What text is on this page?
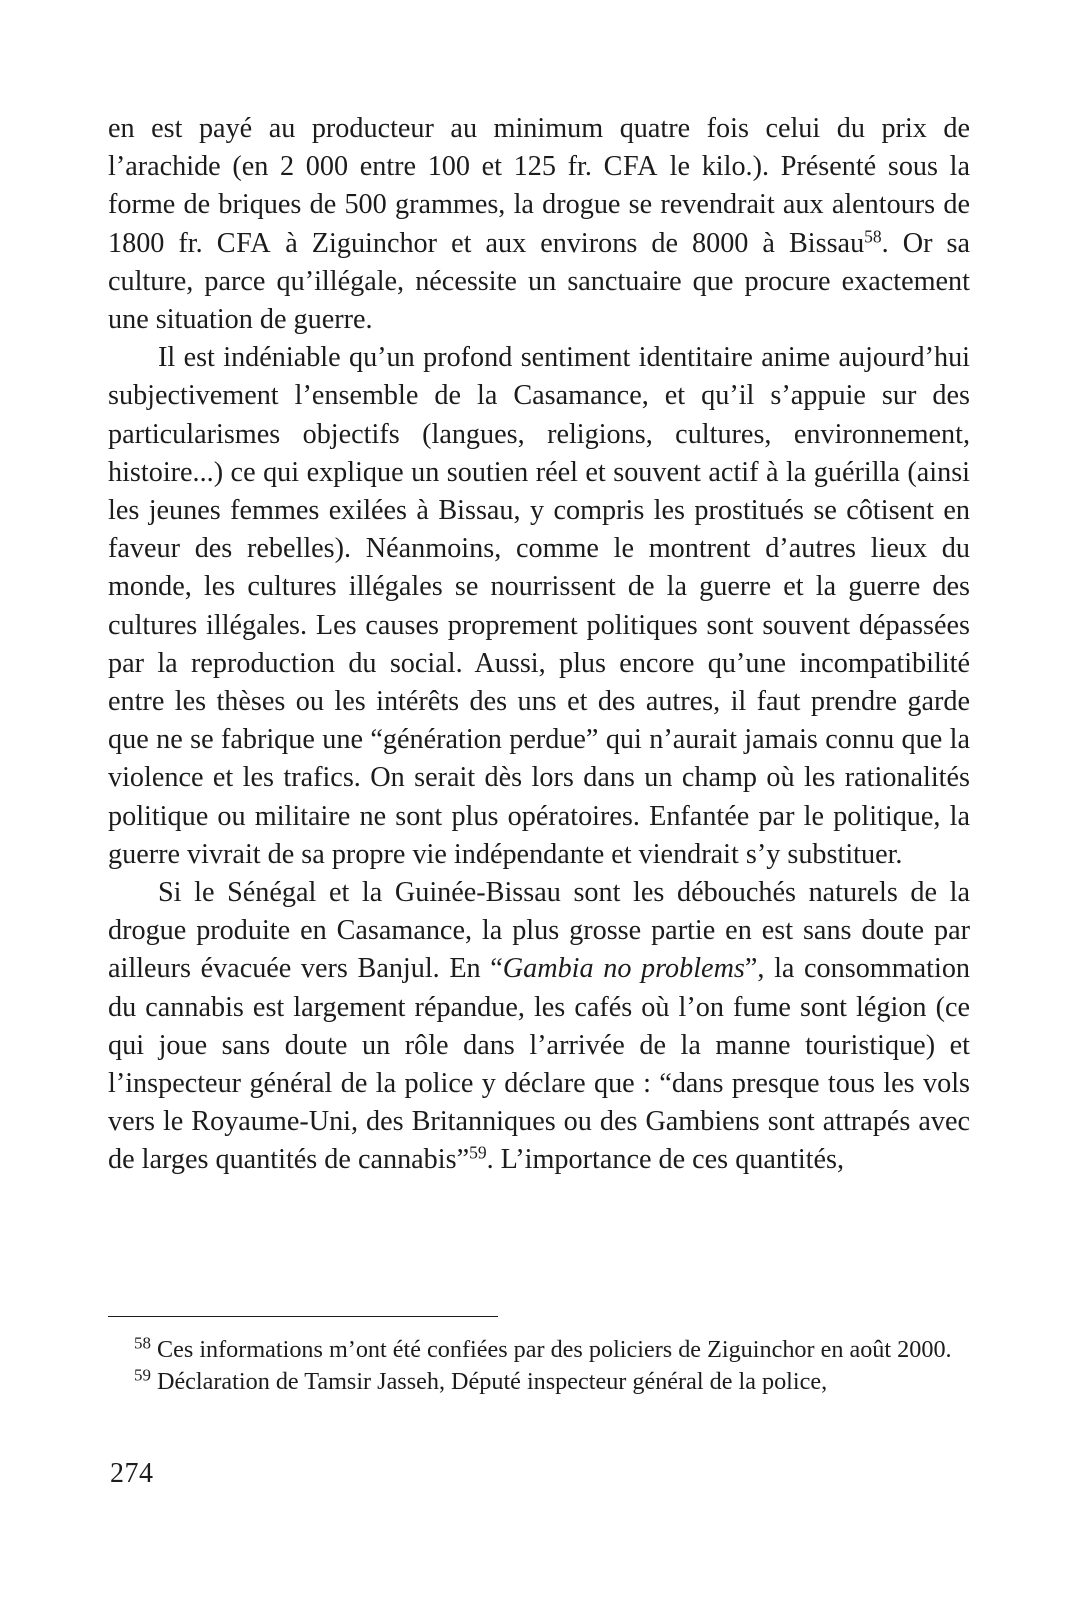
en est payé au producteur au minimum quatre fois celui du prix de l’arachide (en 2 000 entre 100 et 125 fr. CFA le kilo.). Présenté sous la forme de briques de 500 grammes, la drogue se revendrait aux alentours de 1800 fr. CFA à Ziguinchor et aux environs de 8000 à Bissau$^{58}$. Or sa culture, parce qu’illégale, nécessite un sanctuaire que procure exactement une situation de guerre.

Il est indéniable qu’un profond sentiment identitaire anime aujourd’hui subjectivement l’ensemble de la Casamance, et qu’il s’appuie sur des particularismes objectifs (langues, religions, cultures, environnement, histoire...) ce qui explique un soutien réel et souvent actif à la guérilla (ainsi les jeunes femmes exilées à Bissau, y compris les prostitués se côtisent en faveur des rebelles). Néanmoins, comme le montrent d’autres lieux du monde, les cultures illégales se nourrissent de la guerre et la guerre des cultures illégales. Les causes proprement politiques sont souvent dépassées par la reproduction du social. Aussi, plus encore qu’une incompatibilité entre les thèses ou les intérêts des uns et des autres, il faut prendre garde que ne se fabrique une “génération perdue” qui n’aurait jamais connu que la violence et les trafics. On serait dès lors dans un champ où les rationalités politique ou militaire ne sont plus opératoires. Enfantée par le politique, la guerre vivrait de sa propre vie indépendante et viendrait s’y substituer.

Si le Sénégal et la Guinée-Bissau sont les débouchés naturels de la drogue produite en Casamance, la plus grosse partie en est sans doute par ailleurs évacuée vers Banjul. En “Gambia no problems”, la consommation du cannabis est largement répandue, les cafés où l’on fume sont légion (ce qui joue sans doute un rôle dans l’arrivée de la manne touristique) et l’inspecteur général de la police y déclare que : “dans presque tous les vols vers le Royaume-Uni, des Britanniques ou des Gambiens sont attrapés avec de larges quantités de cannabis”$^{59}$. L’importance de ces quantités,

$^{58}$ Ces informations m’ont été confiées par des policiers de Ziguinchor en août 2000.

$^{59}$ Déclaration de Tamsir Jasseh, Député inspecteur général de la police,

274
